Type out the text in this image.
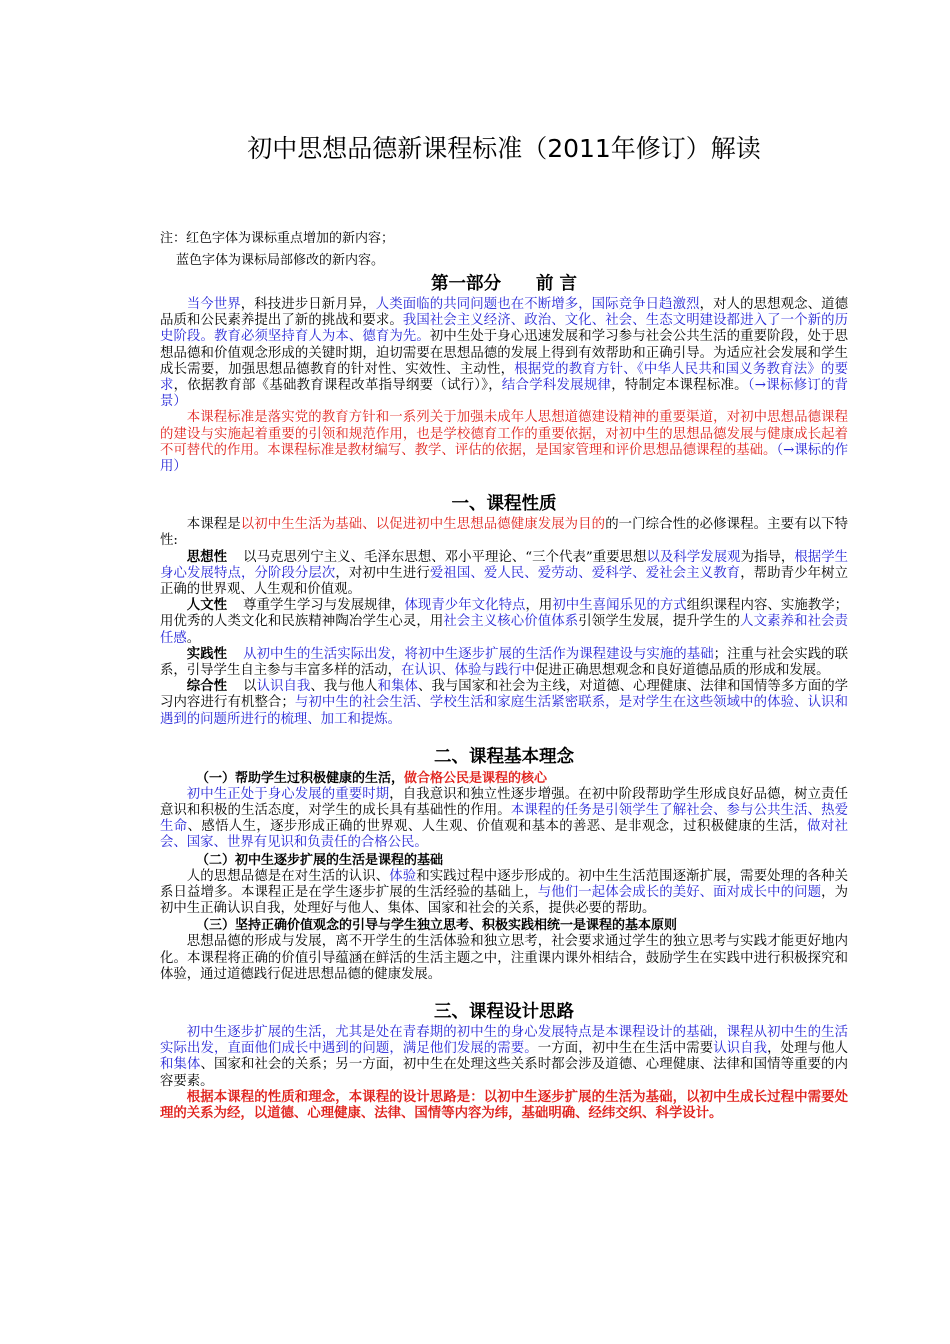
初中思想品德新课程标准（2011年修订）解读

注：红色字体为课标重点增加的新内容；

蓝色字体为课标局部修改的新内容。

第一部分　　前 言

当今世界，科技进步日新月异，人类面临的共同问题也在不断增多，国际竞争日趋激烈，对人的思想观念、道德品质和公民素养提出了新的挑战和要求。我国社会主义经济、政治、文化、社会、生态文明建设都进入了一个新的历史阶段。教育必须坚持育人为本、德育为先。初中生处于身心迅速发展和学习参与社会公共生活的重要阶段，处于思想品德和价值观念形成的关键时期，迫切需要在思想品德的发展上得到有效帮助和正确引导。为适应社会发展和学生成长需要，加强思想品德教育的针对性、实效性、主动性，根据党的教育方针、《中华人民共和国义务教育法》的要求，依据教育部《基础教育课程改革指导纲要（试行）》，结合学科发展规律，特制定本课程标准。（→课标修订的背景）

本课程标准是落实党的教育方针和一系列关于加强未成年人思想道德建设精神的重要渠道，对初中思想品德课程的建设与实施起着重要的引领和规范作用，也是学校德育工作的重要依据，对初中生的思想品德发展与健康成长起着不可替代的作用。本课程标准是教材编写、教学、评估的依据，是国家管理和评价思想品德课程的基础。（→课标的作用）

一、课程性质

本课程是以初中生生活为基础、以促进初中生思想品德健康发展为目的的一门综合性的必修课程。主要有以下特性:

思想性 以马克思列宁主义、毛泽东思想、邓小平理论、“三个代表”重要思想以及科学发展观为指导，根据学生身心发展特点，分阶段分层次，对初中生进行爱祖国、爱人民、爱劳动、爱科学、爱社会主义教育，帮助青少年树立正确的世界观、人生观和价值观。

人文性 尊重学生学习与发展规律，体现青少年文化特点，用初中生喜闻乐见的方式组织课程内容、实施教学；用优秀的人类文化和民族精神陶冶学生心灵，用社会主义核心价值体系引领学生发展，提升学生的人文素养和社会责任感。

实践性 从初中生的生活实际出发，将初中生逐步扩展的生活作为课程建设与实施的基础；注重与社会实践的联系，引导学生自主参与丰富多样的活动，在认识、体验与践行中促进正确思想观念和良好道德品质的形成和发展。

综合性 以认识自我、我与他人和集体、我与国家和社会为主线，对道德、心理健康、法律和国情等多方面的学习内容进行有机整合；与初中生的社会生活、学校生活和家庭生活紧密联系，是对学生在这些领域中的体验、认识和遇到的问题所进行的梳理、加工和提炼。

二、课程基本理念

（一）帮助学生过积极健康的生活，做合格公民是课程的核心

初中生正处于身心发展的重要时期，自我意识和独立性逐步增强。在初中阶段帮助学生形成良好品德，树立责任意识和积极的生活态度，对学生的成长具有基础性的作用。本课程的任务是引领学生了解社会、参与公共生活、热爱生命、感悟人生，逐步形成正确的世界观、人生观、价值观和基本的善恶、是非观念，过积极健康的生活，做对社会、国家、世界有见识和负责任的合格公民。

（二）初中生逐步扩展的生活是课程的基础

人的思想品德是在对生活的认识、体验和实践过程中逐步形成的。初中生生活范围逐渐扩展，需要处理的各种关系日益增多。本课程正是在学生逐步扩展的生活经验的基础上，与他们一起体会成长的美好、面对成长中的问题，为初中生正确认识自我，处理好与他人、集体、国家和社会的关系，提供必要的帮助。

（三）坚持正确价值观念的引导与学生独立思考、积极实践相统一是课程的基本原则

思想品德的形成与发展，离不开学生的生活体验和独立思考，社会要求通过学生的独立思考与实践才能更好地内化。本课程将正确的价值引导蕴涵在鲜活的生活主题之中，注重课内课外相结合，鼓励学生在实践中进行积极探究和体验，通过道德践行促进思想品德的健康发展。

三、课程设计思路

初中生逐步扩展的生活，尤其是处在青春期的初中生的身心发展特点是本课程设计的基础，课程从初中生的生活实际出发，直面他们成长中遇到的问题，满足他们发展的需要。一方面，初中生在生活中需要认识自我，处理与他人和集体、国家和社会的关系；另一方面，初中生在处理这些关系时都会涉及道德、心理健康、法律和国情等重要的内容要素。

根据本课程的性质和理念，本课程的设计思路是：以初中生逐步扩展的生活为基础，以初中生成长过程中需要处理的关系为经，以道德、心理健康、法律、国情等内容为纬，基础明确、经纬交织、科学设计。
